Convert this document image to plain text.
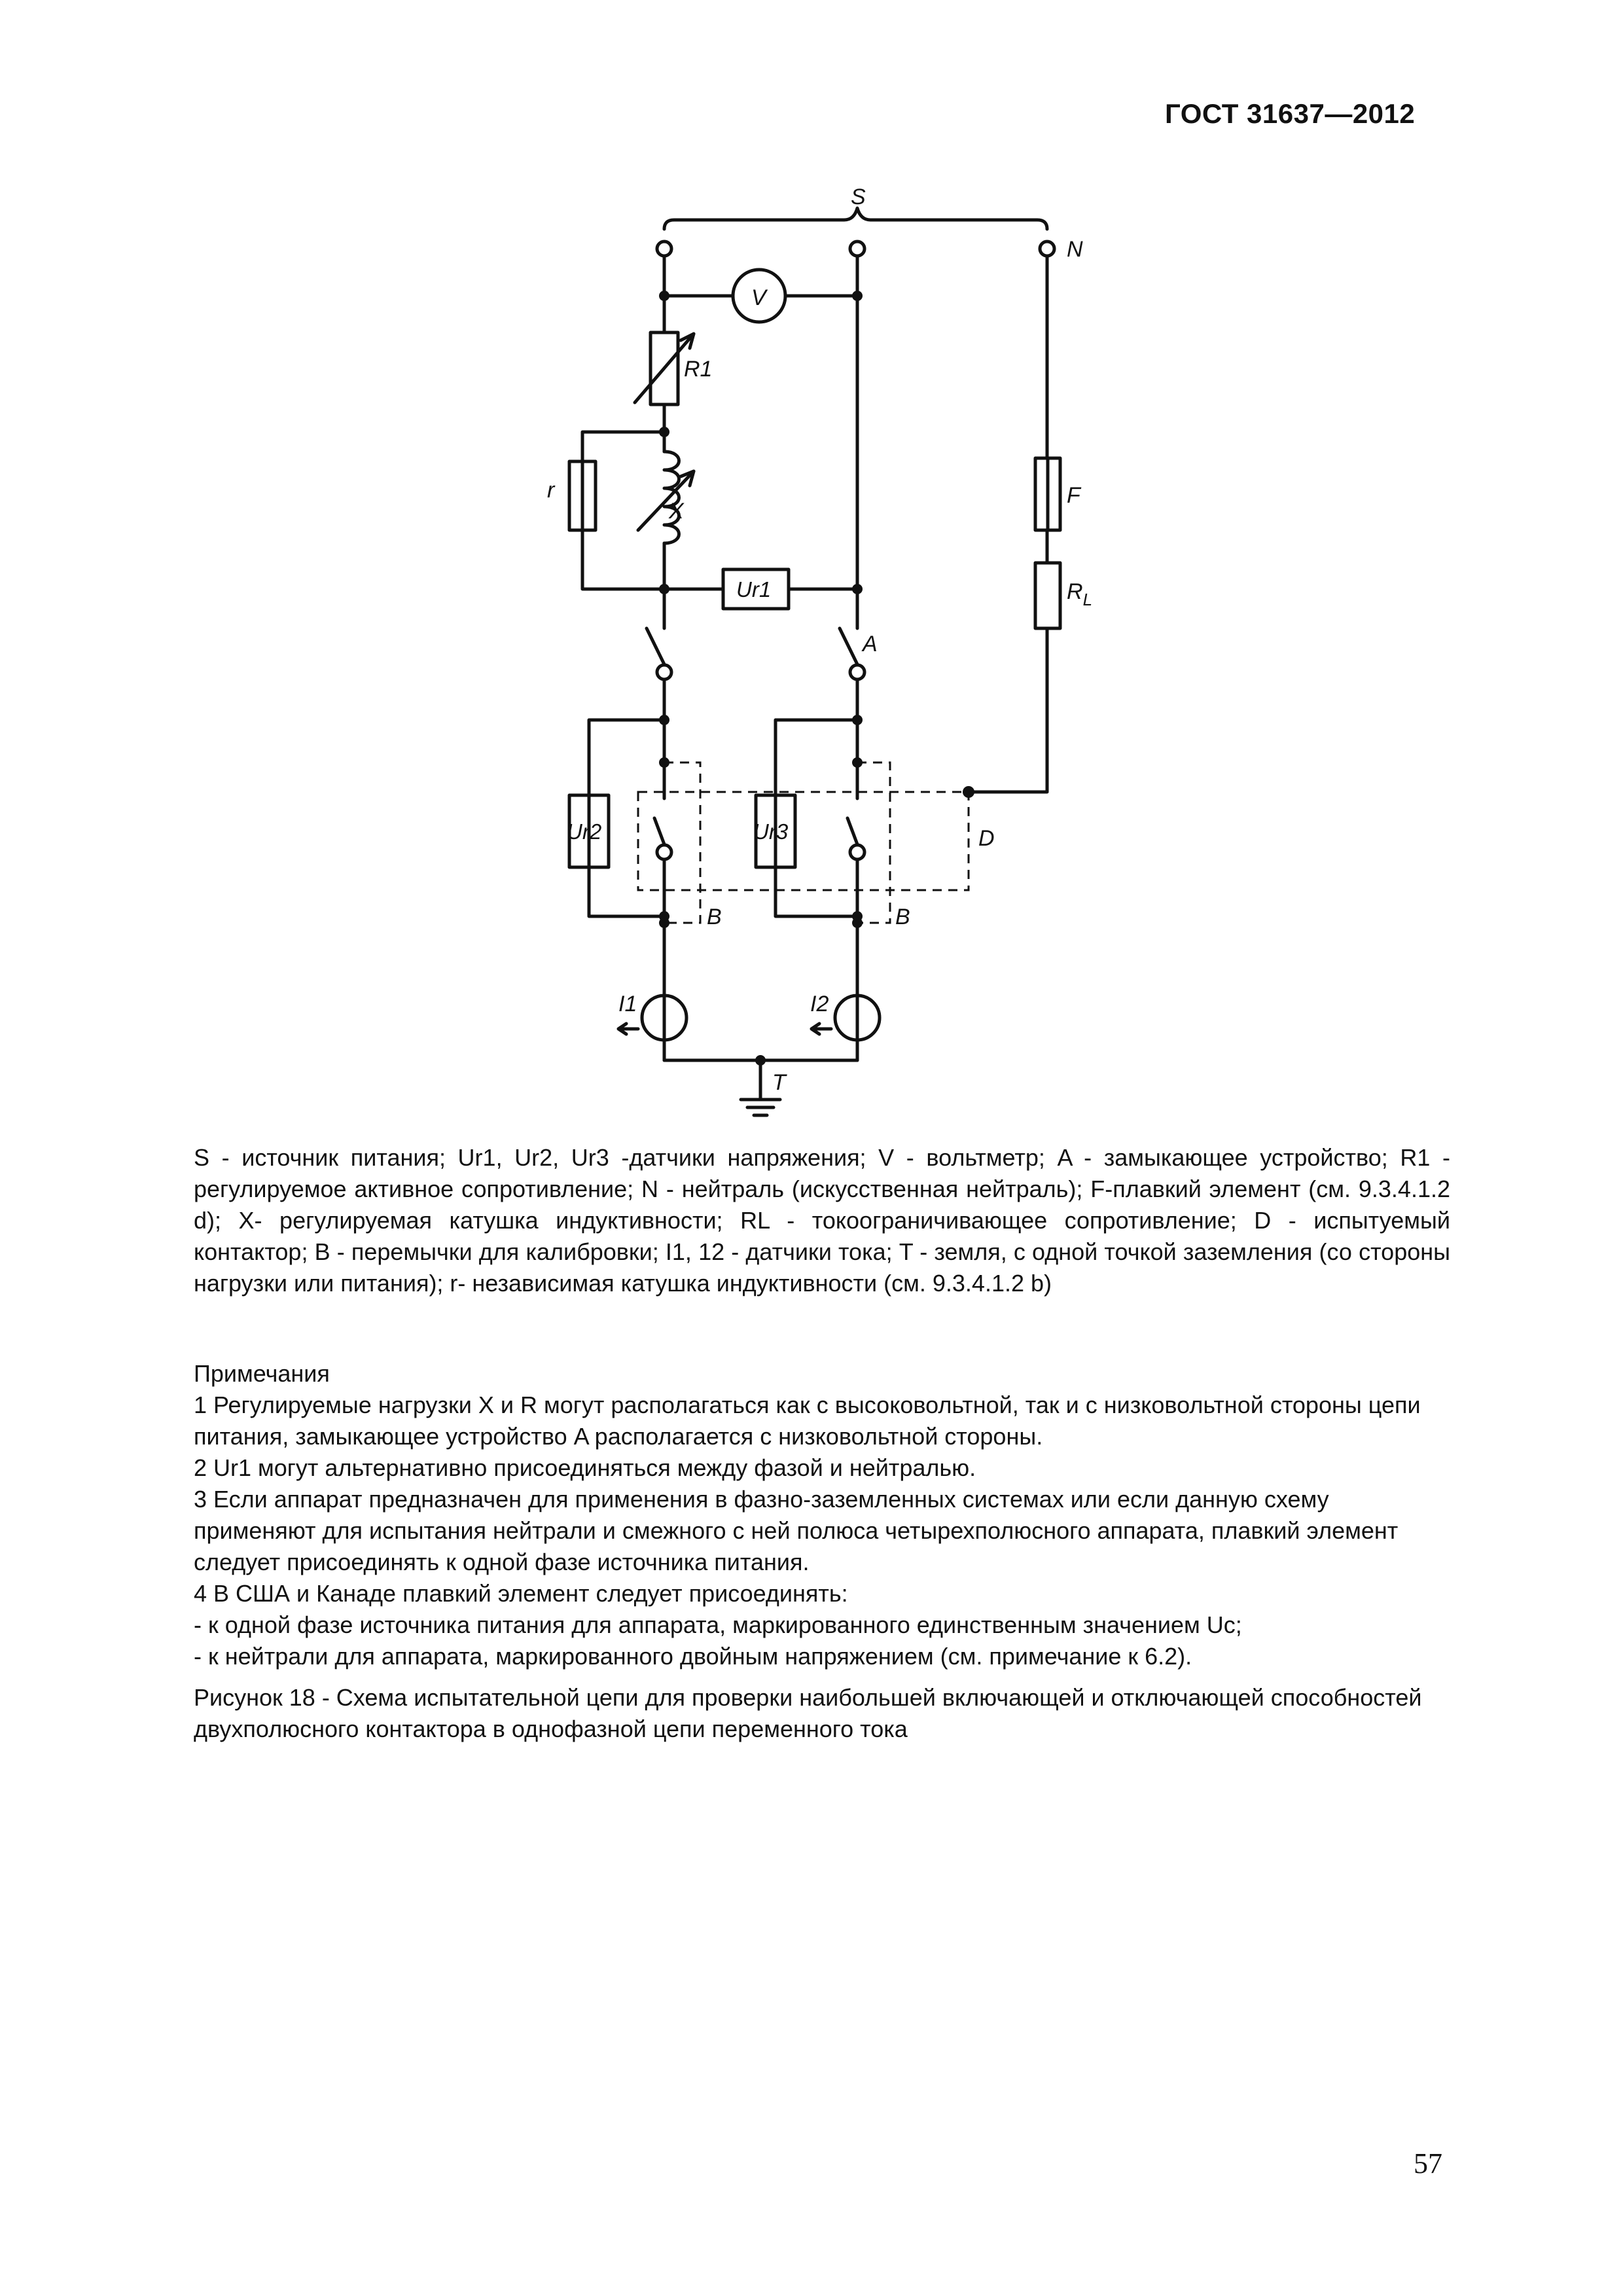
ГОСТ 31637—2012
S
N
V
R1
r
X
Ur1
F
$R_L$
A
Ur2	Ur3	D
B	B
I1	I2
T
S - источник питания; Ur1, Ur2, Ur3 -датчики напряжения; V - вольтметр; A - замыкающее устройство; R1 - регулируемое активное сопротивление; N - нейтраль (искусственная нейтраль); F-плавкий элемент (см. 9.3.4.1.2 d); X- регулируемая катушка индуктивности; RL - токоограничивающее сопротивление; D - испытуемый контактор; B - перемычки для калибровки; I1, 12 - датчики тока; T - земля, с одной точкой заземления (со стороны нагрузки или питания); r- независимая катушка индуктивности (см. 9.3.4.1.2 b)

Примечания

1 Регулируемые нагрузки X и R могут располагаться как с высоковольтной, так и с низковольтной стороны цепи питания, замыкающее устройство A располагается с низковольтной стороны.

2 Ur1 могут альтернативно присоединяться между фазой и нейтралью.

3 Если аппарат предназначен для применения в фазно-заземленных системах или если данную схему применяют для испытания нейтрали и смежного с ней полюса четырехполюсного аппарата, плавкий элемент следует присоединять к одной фазе источника питания.

4 В США и Канаде плавкий элемент следует присоединять:

- к одной фазе источника питания для аппарата, маркированного единственным значением Uc;

- к нейтрали для аппарата, маркированного двойным напряжением (см. примечание к 6.2).

Рисунок 18 - Схема испытательной цепи для проверки наибольшей включающей и отключающей способностей двухполюсного контактора в однофазной цепи переменного тока
57
